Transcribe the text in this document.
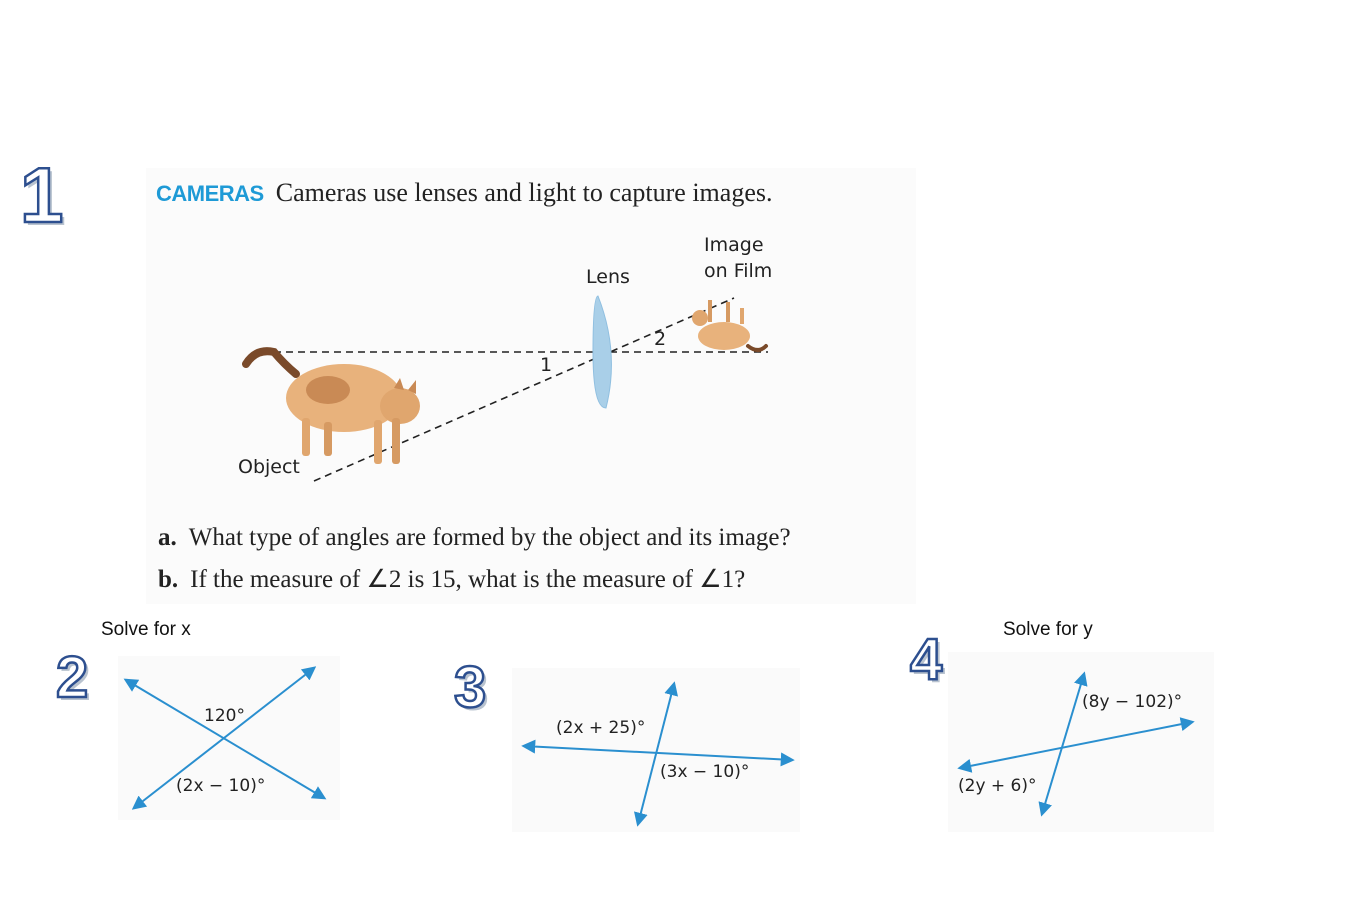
1
2	3	4
CAMERAS Cameras use lenses and light to capture images.
Image
on Film
Lens
Object
1
2
a. What type of angles are formed by the object and its image?
b. If the measure of ∠2 is 15, what is the measure of ∠1?
Solve for x	Solve for y
120°
(2x − 10)°
(2x + 25)°
(3x − 10)°
(8y − 102)°
(2y + 6)°
